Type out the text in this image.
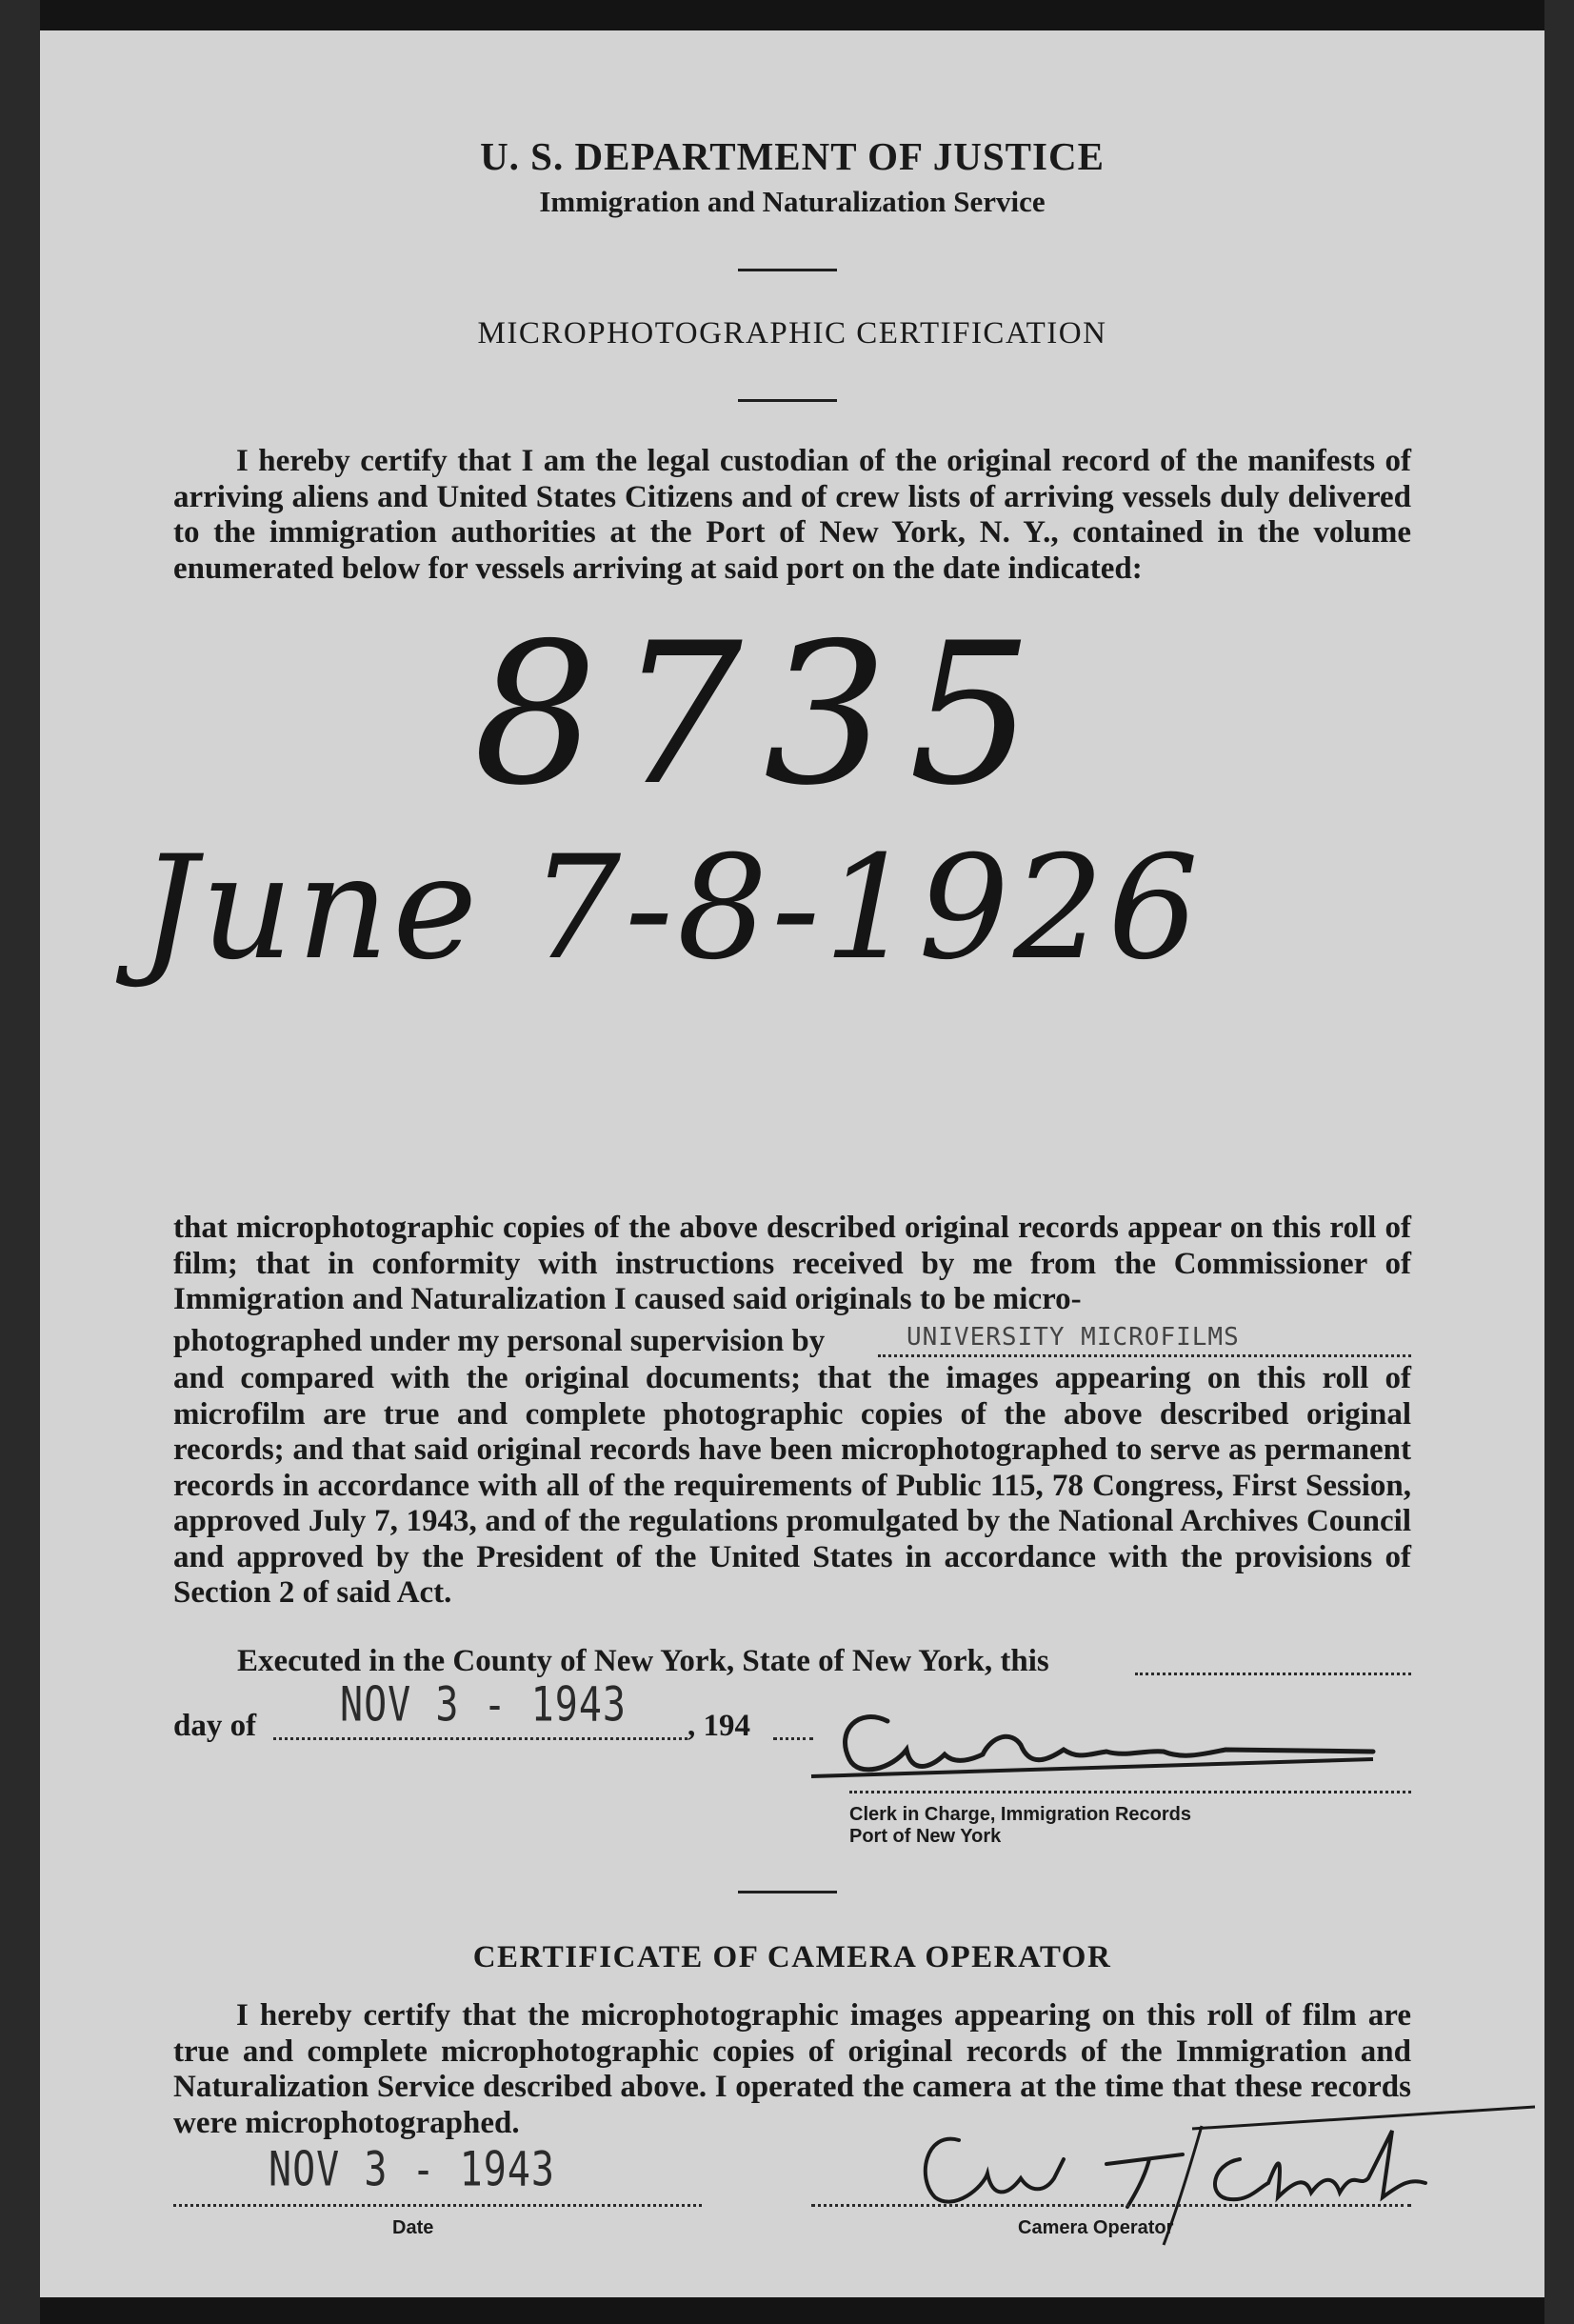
U. S. DEPARTMENT OF JUSTICE
Immigration and Naturalization Service
MICROPHOTOGRAPHIC CERTIFICATION
I hereby certify that I am the legal custodian of the original record of the manifests of arriving aliens and United States Citizens and of crew lists of arriving vessels duly delivered to the immigration authorities at the Port of New York, N. Y., contained in the volume enumerated below for vessels arriving at said port on the date indicated:
8735
June 7-8-1926
that microphotographic copies of the above described original records appear on this roll of film; that in conformity with instructions received by me from the Commissioner of Immigration and Naturalization I caused said originals to be micro-
photographed under my personal supervision by	UNIVERSITY MICROFILMS
and compared with the original documents; that the images appearing on this roll of microfilm are true and complete photographic copies of the above described original records; and that said original records have been microphotographed to serve as permanent records in accordance with all of the requirements of Public 115, 78 Congress, First Session, approved July 7, 1943, and of the regulations promulgated by the National Archives Council and approved by the President of the United States in accordance with the provisions of Section 2 of said Act.
Executed in the County of New York, State of New York, this
day of NOV 3 - 1943 , 194
Clerk in Charge, Immigration Records
Port of New York
CERTIFICATE OF CAMERA OPERATOR
I hereby certify that the microphotographic images appearing on this roll of film are true and complete microphotographic copies of original records of the Immigration and Naturalization Service described above. I operated the camera at the time that these records were microphotographed.
NOV 3 - 1943
Date	Camera Operator
